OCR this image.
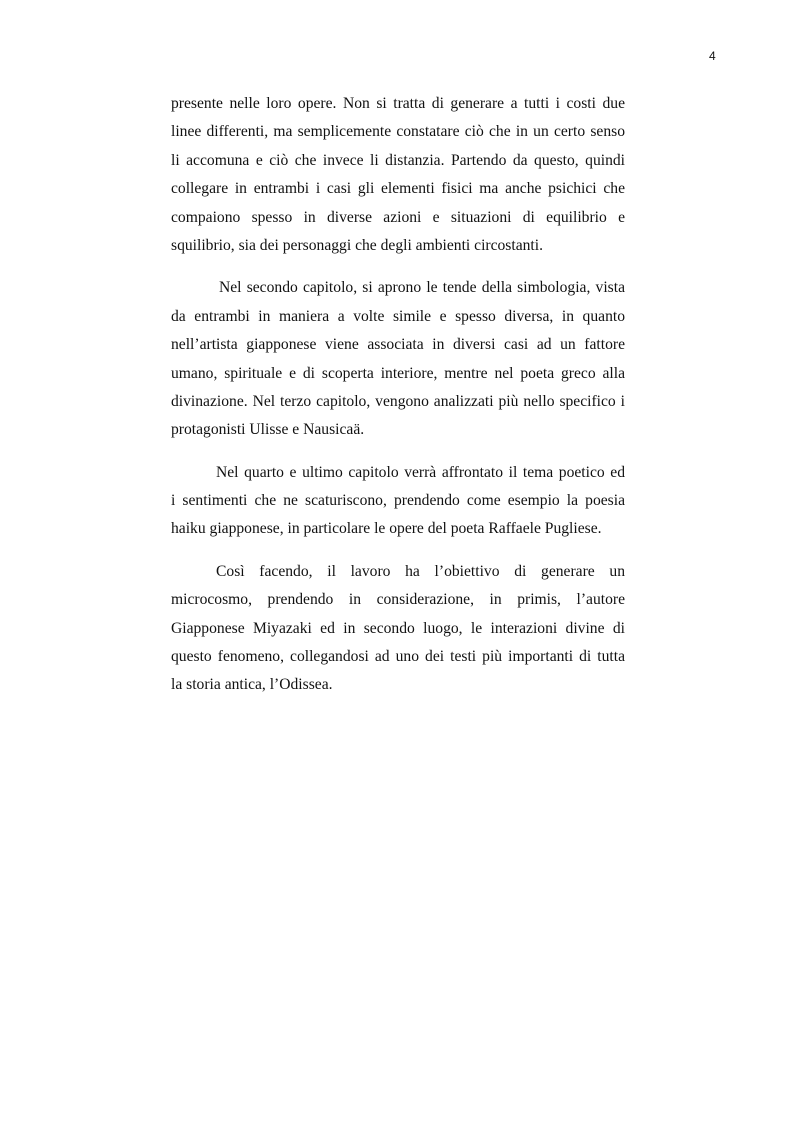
4

presente nelle loro opere. Non si tratta di generare a tutti i costi due
linee differenti, ma semplicemente constatare ciò che in un certo senso
li accomuna e ciò che invece li distanzia. Partendo da questo, quindi
collegare in entrambi i casi gli elementi fisici ma anche psichici che
compaiono spesso in diverse azioni e situazioni di equilibrio e
squilibrio, sia dei personaggi che degli ambienti circostanti.

Nel secondo capitolo, si aprono le tende della simbologia, vista
da entrambi in maniera a volte simile e spesso diversa, in quanto
nell’artista giapponese viene associata in diversi casi ad un fattore
umano, spirituale e di scoperta interiore, mentre nel poeta greco alla
divinazione. Nel terzo capitolo, vengono analizzati più nello specifico i
protagonisti Ulisse e Nausicaä.

Nel quarto e ultimo capitolo verrà affrontato il tema poetico ed
i sentimenti che ne scaturiscono, prendendo come esempio la poesia
haiku giapponese, in particolare le opere del poeta Raffaele Pugliese.

Così facendo, il lavoro ha l’obiettivo di generare un
microcosmo, prendendo in considerazione, in primis, l’autore
Giapponese Miyazaki ed in secondo luogo, le interazioni divine di
questo fenomeno, collegandosi ad uno dei testi più importanti di tutta
la storia antica, l’Odissea.
